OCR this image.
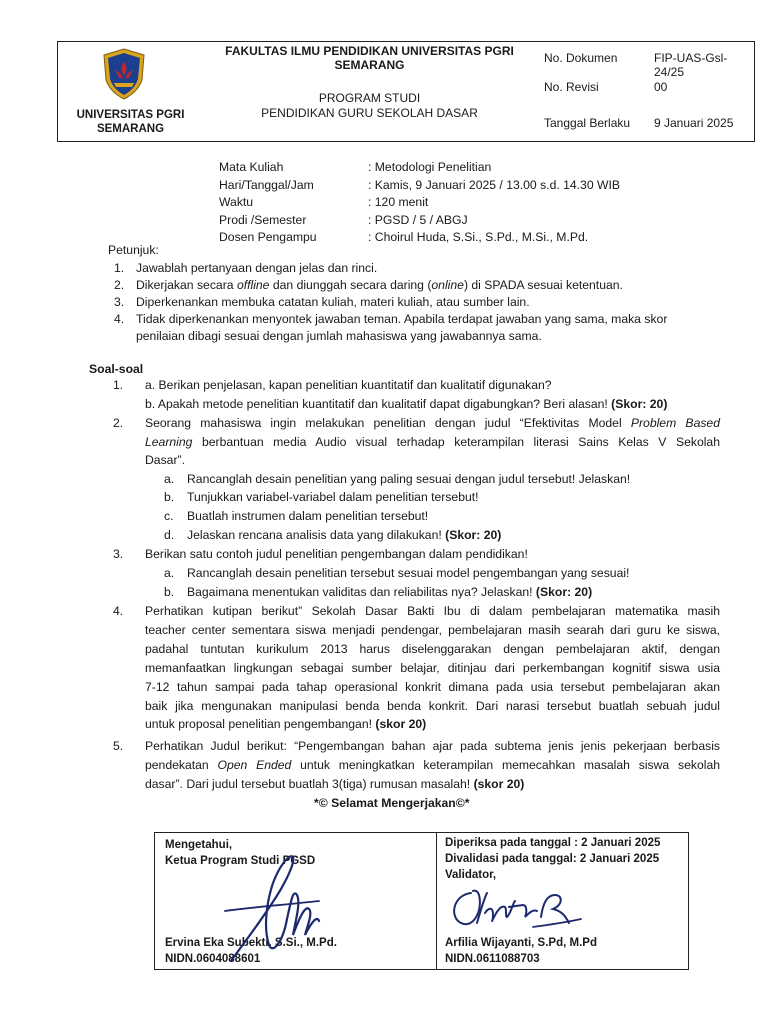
UNIVERSITAS PGRI
SEMARANG
FAKULTAS ILMU PENDIDIKAN UNIVERSITAS PGRI SEMARANG
PROGRAM STUDI
PENDIDIKAN GURU SEKOLAH DASAR
No. Dokumen	FIP-UAS-Gsl-24/25
No. Revisi	00
Tanggal Berlaku 9 Januari 2025
Mata Kuliah	: Metodologi Penelitian
Hari/Tanggal/Jam	: Kamis, 9 Januari 2025 / 13.00 s.d. 14.30 WIB
Waktu	: 120 menit
Prodi /Semester	: PGSD / 5 / ABGJ
Dosen Pengampu	: Choirul Huda, S.Si., S.Pd., M.Si., M.Pd.
Petunjuk:
1. Jawablah pertanyaan dengan jelas dan rinci.
2. Dikerjakan secara offline dan diunggah secara daring (online) di SPADA sesuai ketentuan.
3. Diperkenankan membuka catatan kuliah, materi kuliah, atau sumber lain.
4. Tidak diperkenankan menyontek jawaban teman. Apabila terdapat jawaban yang sama, maka skor
penilaian dibagi sesuai dengan jumlah mahasiswa yang jawabannya sama.
Soal-soal
1. a. Berikan penjelasan, kapan penelitian kuantitatif dan kualitatif digunakan?
b. Apakah metode penelitian kuantitatif dan kualitatif dapat digabungkan? Beri alasan! (Skor: 20)
2. Seorang mahasiswa ingin melakukan penelitian dengan judul “Efektivitas Model Problem Based
Learning berbantuan media Audio visual terhadap keterampilan literasi Sains Kelas V Sekolah
Dasar”.
a. Rancanglah desain penelitian yang paling sesuai dengan judul tersebut! Jelaskan!
b. Tunjukkan variabel-variabel dalam penelitian tersebut!
c. Buatlah instrumen dalam penelitian tersebut!
d. Jelaskan rencana analisis data yang dilakukan! (Skor: 20)
3. Berikan satu contoh judul penelitian pengembangan dalam pendidikan!
a. Rancanglah desain penelitian tersebut sesuai model pengembangan yang sesuai!
b. Bagaimana menentukan validitas dan reliabilitas nya? Jelaskan! (Skor: 20)
4. Perhatikan kutipan berikut” Sekolah Dasar Bakti Ibu di dalam pembelajaran matematika masih
teacher center sementara siswa menjadi pendengar, pembelajaran masih searah dari guru ke siswa,
padahal tuntutan kurikulum 2013 harus diselenggarakan dengan pembelajaran aktif, dengan
memanfaatkan lingkungan sebagai sumber belajar, ditinjau dari perkembangan kognitif siswa usia
7-12 tahun sampai pada tahap operasional konkrit dimana pada usia tersebut pembelajaran akan
baik jika mengunakan manipulasi benda benda konkrit. Dari narasi tersebut buatlah sebuah judul
untuk proposal penelitian pengembangan! (skor 20)
5. Perhatikan Judul berikut: “Pengembangan bahan ajar pada subtema jenis jenis pekerjaan berbasis
pendekatan Open Ended untuk meningkatkan keterampilan memecahkan masalah siswa sekolah
dasar”. Dari judul tersebut buatlah 3(tiga) rumusan masalah! (skor 20)
*© Selamat Mengerjakan©*
Mengetahui,
Ketua Program Studi PGSD
Ervina Eka Subekti, S.Si., M.Pd.
NIDN.0604088601
Diperiksa pada tanggal : 2 Januari 2025
Divalidasi pada tanggal: 2 Januari 2025
Validator,
Arfilia Wijayanti, S.Pd, M.Pd
NIDN.0611088703
